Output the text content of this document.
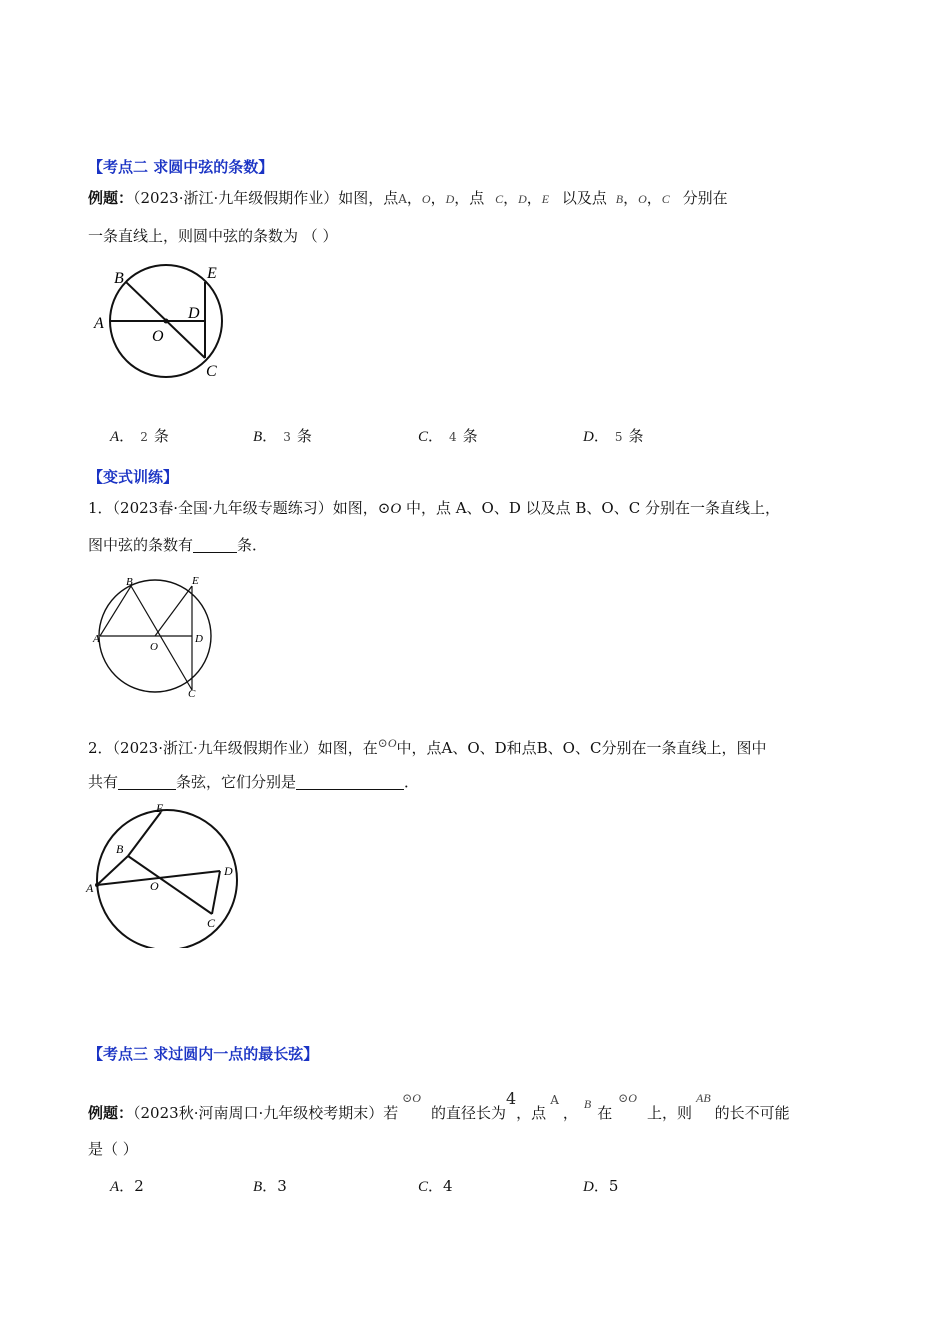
【考点二 求圆中弦的条数】
例题：（2023·浙江·九年级假期作业）如图，点A，O，D，点 C，D，E 以及点 B，O，C 分别在
一条直线上，则圆中弦的条数为 （ ）
A
B
C
D
E
O
A． 2 条	B． 3 条	C． 4 条	D． 5 条
【变式训练】
1．（2023春·全国·九年级专题练习）如图，⊙O 中，点 A、O、D 以及点 B、O、C 分别在一条直线上，
图中弦的条数有	条．
A
B
C
D
E
O
2．（2023·浙江·九年级假期作业）如图，在$^{⊙O}$中，点A、O、D和点B、O、C分别在一条直线上，图中
共有	条弦，它们分别是	．
A
B
C
D
E
O
【考点三 求过圆内一点的最长弦】
例题：（2023秋·河南周口·九年级校考期末）若$^{⊙O}$的直径长为4，点$^A$， $^B$ 在$^{⊙O}$上，则$^{AB}$的长不可能
是（ ）
A．2	B．3	C．4	D．5
